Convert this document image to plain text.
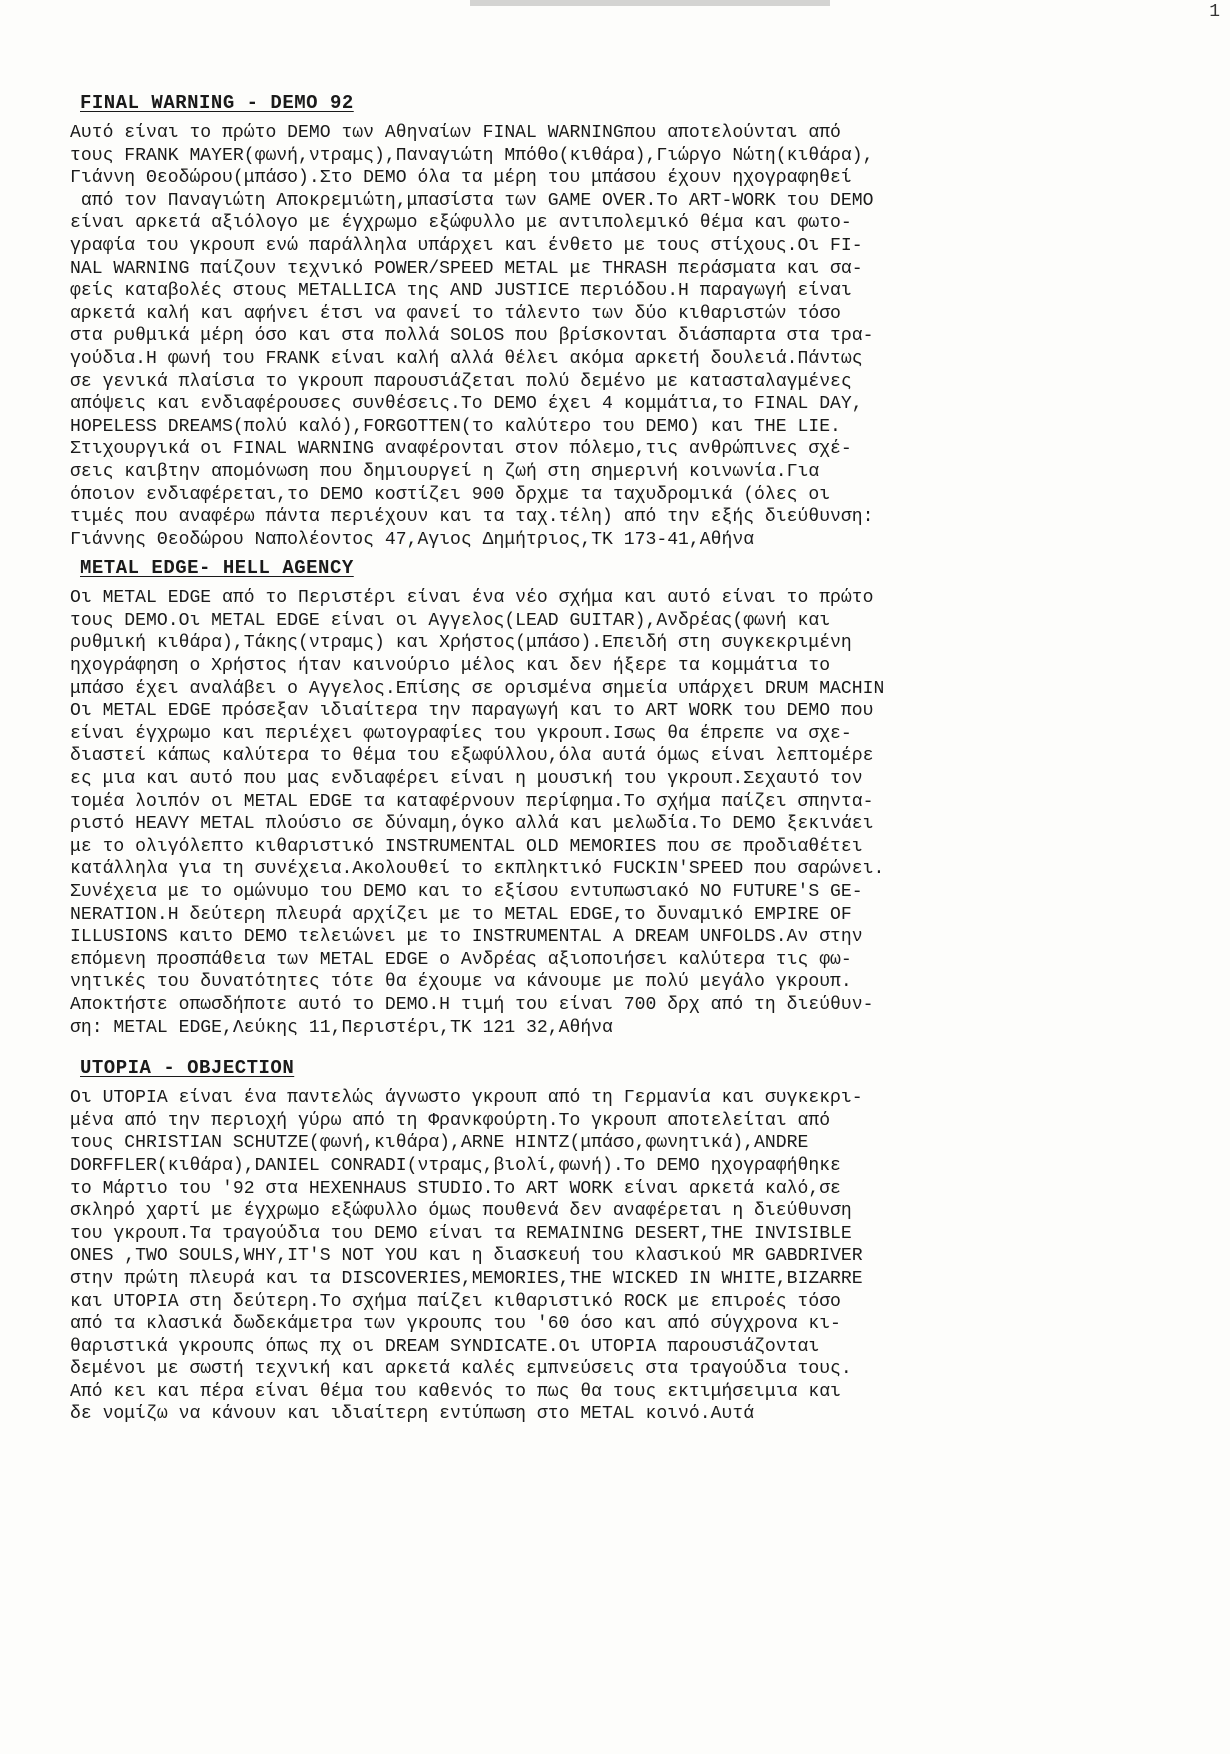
1
FINAL WARNING - DEMO 92
Αυτό είναι το πρώτο DEMO των Αθηναίων FINAL WARNINGπου αποτελούνται από
τους FRANK MAYER(φωνή,ντραμς),Παναγιώτη Μπόθο(κιθάρα),Γιώργο Νώτη(κιθάρα),
Γιάννη Θεοδώρου(μπάσο).Στο DEMO όλα τα μέρη του μπάσου έχουν ηχογραφηθεί
από τον Παναγιώτη Αποκρεμιώτη,μπασίστα των GAME OVER.Το ART-WORK του DEMO
είναι αρκετά αξιόλογο με έγχρωμο εξώφυλλο με αντιπολεμικό θέμα και φωτο-
γραφία του γκρουπ ενώ παράλληλα υπάρχει και ένθετο με τους στίχους.Οι FI-
NAL WARNING παίζουν τεχνικό POWER/SPEED METAL με THRASH περάσματα και σα-
φείς καταβολές στους METALLICA της AND JUSTICE περιόδου.Η παραγωγή είναι
αρκετά καλή και αφήνει έτσι να φανεί το τάλεντο των δύο κιθαριστών τόσο
στα ρυθμικά μέρη όσο και στα πολλά SOLOS που βρίσκονται διάσπαρτα στα τρα-
γούδια.Η φωνή του FRANK είναι καλή αλλά θέλει ακόμα αρκετή δουλειά.Πάντως
σε γενικά πλαίσια το γκρουπ παρουσιάζεται πολύ δεμένο με κατασταλαγμένες
απόψεις και ενδιαφέρουσες συνθέσεις.Το DEMO έχει 4 κομμάτια,το FINAL DAY,
HOPELESS DREAMS(πολύ καλό),FORGOTTEN(το καλύτερο του DEMO) και THE LIE.
Στιχουργικά οι FINAL WARNING αναφέρονται στον πόλεμο,τις ανθρώπινες σχέ-
σεις καιβτην απομόνωση που δημιουργεί η ζωή στη σημερινή κοινωνία.Για
όποιον ενδιαφέρεται,το DEMO κοστίζει 900 δρχμε τα ταχυδρομικά (όλες οι
τιμές που αναφέρω πάντα περιέχουν και τα ταχ.τέλη) από την εξής διεύθυνση:
Γιάννης Θεοδώρου Ναπολέοντος 47,Αγιος Δημήτριος,ΤΚ 173-41,Αθήνα
METAL EDGE- HELL AGENCY
Οι METAL EDGE από το Περιστέρι είναι ένα νέο σχήμα και αυτό είναι το πρώτο
τους DEMO.Οι METAL EDGE είναι οι Αγγελος(LEAD GUITAR),Ανδρέας(φωνή και
ρυθμική κιθάρα),Τάκης(ντραμς) και Χρήστος(μπάσο).Επειδή στη συγκεκριμένη
ηχογράφηση ο Χρήστος ήταν καινούριο μέλος και δεν ήξερε τα κομμάτια το
μπάσο έχει αναλάβει ο Αγγελος.Επίσης σε ορισμένα σημεία υπάρχει DRUM MACHIN
Οι METAL EDGE πρόσεξαν ιδιαίτερα την παραγωγή και το ART WORK του DEMO που
είναι έγχρωμο και περιέχει φωτογραφίες του γκρουπ.Ισως θα έπρεπε να σχε-
διαστεί κάπως καλύτερα το θέμα του εξωφύλλου,όλα αυτά όμως είναι λεπτομέρε
ες μια και αυτό που μας ενδιαφέρει είναι η μουσική του γκρουπ.Σεχαυτό τον
τομέα λοιπόν οι METAL EDGE τα καταφέρνουν περίφημα.Το σχήμα παίζει σπηντα-
ριστό HEAVY METAL πλούσιο σε δύναμη,όγκο αλλά και μελωδία.Το DEMO ξεκινάει
με το ολιγόλεπτο κιθαριστικό INSTRUMENTAL OLD MEMORIES που σε προδιαθέτει
κατάλληλα για τη συνέχεια.Ακολουθεί το εκπληκτικό FUCKIN'SPEED που σαρώνει.
Συνέχεια με το ομώνυμο του DEMO και το εξίσου εντυπωσιακό NO FUTURE'S GE-
NERATION.Η δεύτερη πλευρά αρχίζει με το METAL EDGE,το δυναμικό EMPIRE OF
ILLUSIONS καιτο DEMO τελειώνει με το INSTRUMENTAL A DREAM UNFOLDS.Αν στην
επόμενη προσπάθεια των METAL EDGE ο Ανδρέας αξιοποιήσει καλύτερα τις φω-
νητικές του δυνατότητες τότε θα έχουμε να κάνουμε με πολύ μεγάλο γκρουπ.
Αποκτήστε οπωσδήποτε αυτό το DEMO.Η τιμή του είναι 700 δρχ από τη διεύθυν-
ση: METAL EDGE,Λεύκης 11,Περιστέρι,ΤΚ 121 32,Αθήνα
UTOPIA - OBJECTION
Οι UTOPIA είναι ένα παντελώς άγνωστο γκρουπ από τη Γερμανία και συγκεκρι-
μένα από την περιοχή γύρω από τη Φρανκφούρτη.Το γκρουπ αποτελείται από
τους CHRISTIAN SCHUTZE(φωνή,κιθάρα),ARNE HINTZ(μπάσο,φωνητικά),ANDRE
DORFFLER(κιθάρα),DANIEL CONRADI(ντραμς,βιολί,φωνή).Το DEMO ηχογραφήθηκε
το Μάρτιο του '92 στα HEXENHAUS STUDIO.Το ART WORK είναι αρκετά καλό,σε
σκληρό χαρτί με έγχρωμο εξώφυλλο όμως πουθενά δεν αναφέρεται η διεύθυνση
του γκρουπ.Τα τραγούδια του DEMO είναι τα REMAINING DESERT,THE INVISIBLE
ONES ,TWO SOULS,WHY,IT'S NOT YOU και η διασκευή του κλασικού MR GABDRIVER
στην πρώτη πλευρά και τα DISCOVERIES,MEMORIES,THE WICKED IN WHITE,BIZARRE
και UTOPIA στη δεύτερη.Το σχήμα παίζει κιθαριστικό ROCK με επιροές τόσο
από τα κλασικά δωδεκάμετρα των γκρουπς του '60 όσο και από σύγχρονα κι-
θαριστικά γκρουπς όπως πχ οι DREAM SYNDICATE.Οι UTOPIA παρουσιάζονται
δεμένοι με σωστή τεχνική και αρκετά καλές εμπνεύσεις στα τραγούδια τους.
Από κει και πέρα είναι θέμα του καθενός το πως θα τους εκτιμήσειμια και
δε νομίζω να κάνουν και ιδιαίτερη εντύπωση στο METAL κοινό.Αυτά
